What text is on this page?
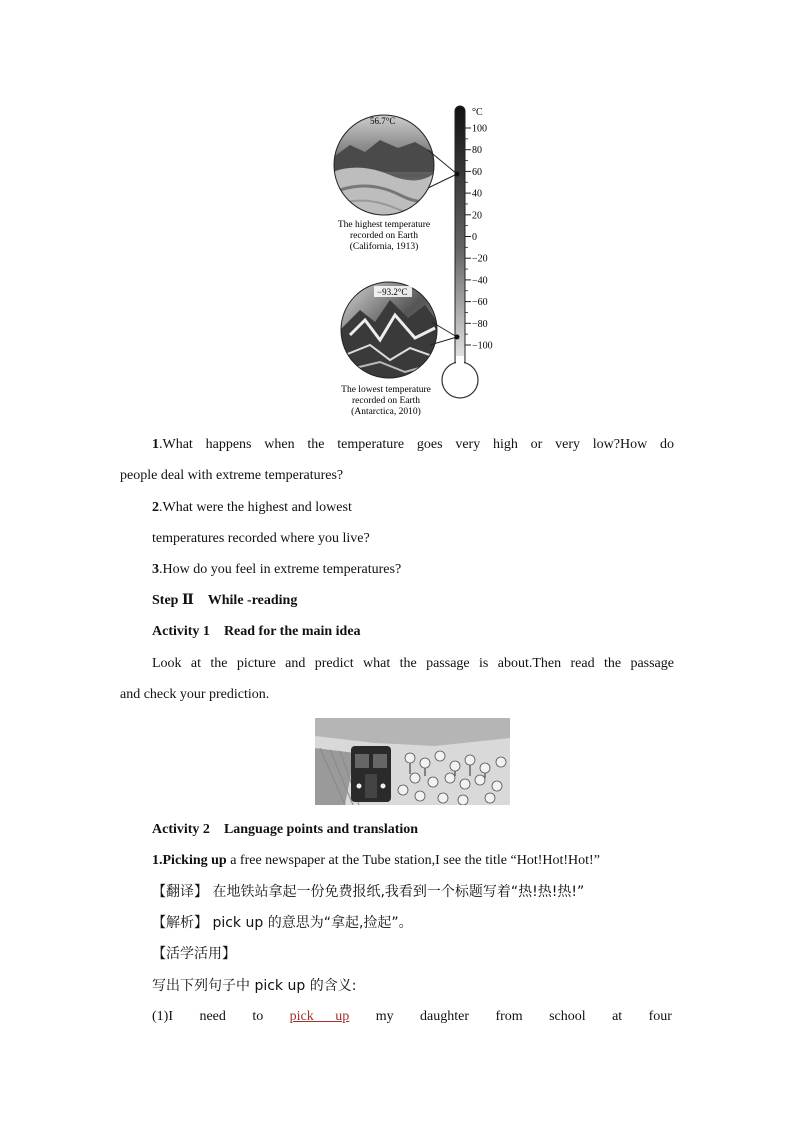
°C
100
80
60
40
20
0
−20
−40
−60
−80
−100
56.7°C
The highest temperature
recorded on Earth
(California, 1913)
−93.2°C
The lowest temperature
recorded on Earth
(Antarctica, 2010)
1.What happens when the temperature goes very high or very low?How do
people deal with extreme temperatures?
2.What were the highest and lowest
temperatures recorded where you live?
3.How do you feel in extreme temperatures?
Step Ⅱ While -reading
Activity 1 Read for the main idea
Look at the picture and predict what the passage is about.Then read the passage
and check your prediction.
Activity 2 Language points and translation
1.Picking up a free newspaper at the Tube station,I see the title “Hot!Hot!Hot!”
【翻译】 在地铁站拿起一份免费报纸,我看到一个标题写着“热!热!热!”
【解析】 pick up 的意思为“拿起,捡起”。
【活学活用】
写出下列句子中 pick up 的含义:
(1)I need to pick up my daughter from school at four
